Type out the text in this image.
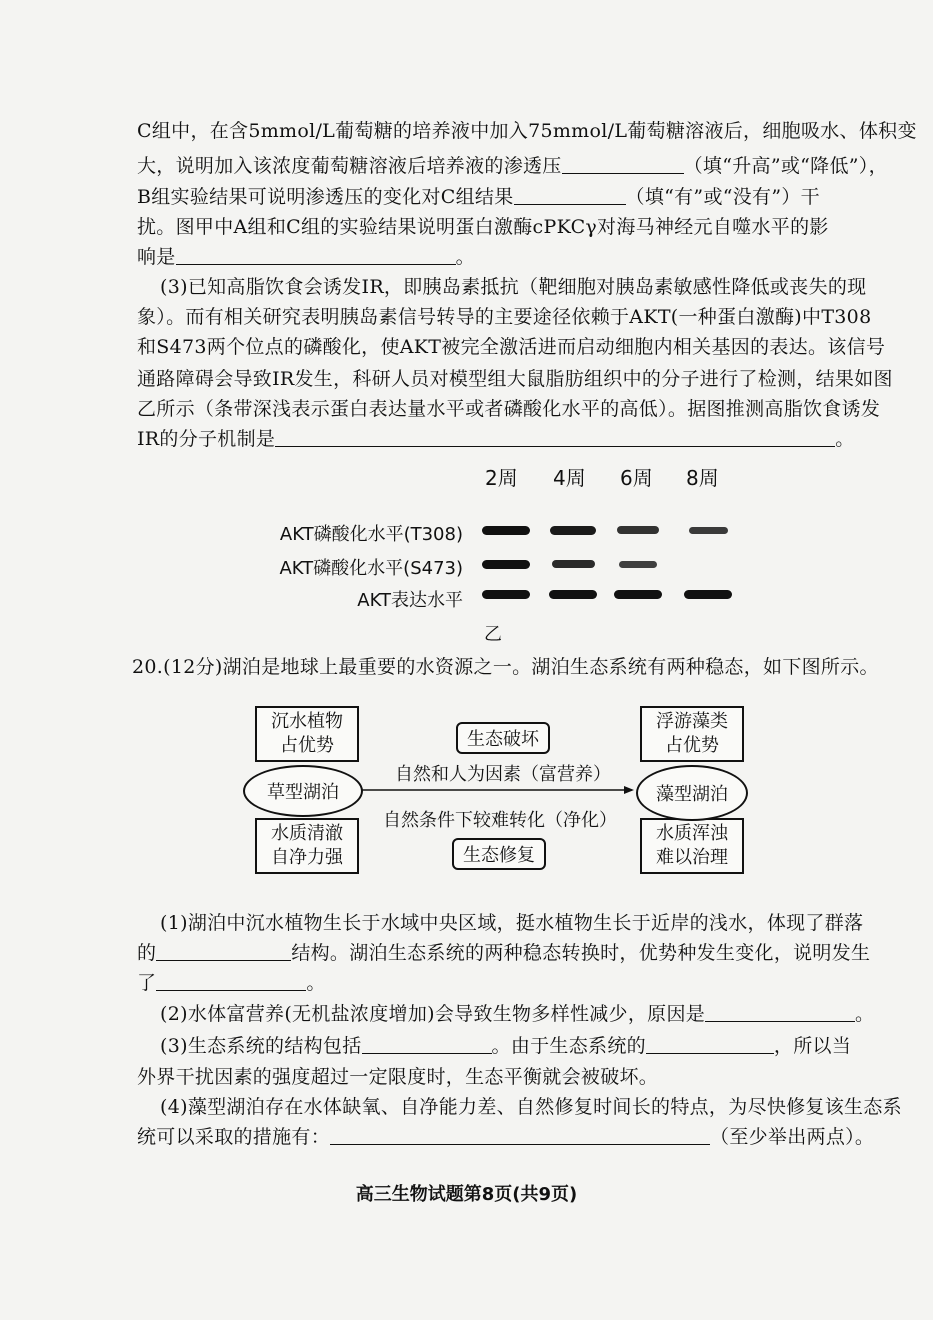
C组中，在含5mmol/L葡萄糖的培养液中加入75mmol/L葡萄糖溶液后，细胞吸水、体积变
大，说明加入该浓度葡萄糖溶液后培养液的渗透压	（填“升高”或“降低”），
B组实验结果可说明渗透压的变化对C组结果	（填“有”或“没有”）干
扰。图甲中A组和C组的实验结果说明蛋白激酶cPKCγ对海马神经元自噬水平的影
响是	。
(3)已知高脂饮食会诱发IR，即胰岛素抵抗（靶细胞对胰岛素敏感性降低或丧失的现
象）。而有相关研究表明胰岛素信号转导的主要途径依赖于AKT(一种蛋白激酶)中T308
和S473两个位点的磷酸化，使AKT被完全激活进而启动细胞内相关基因的表达。该信号
通路障碍会导致IR发生，科研人员对模型组大鼠脂肪组织中的分子进行了检测，结果如图
乙所示（条带深浅表示蛋白表达量水平或者磷酸化水平的高低）。据图推测高脂饮食诱发
IR的分子机制是	。
2周 4周 6周 8周
AKT磷酸化水平(T308)
AKT磷酸化水平(S473)
AKT表达水平
乙
20.(12分)湖泊是地球上最重要的水资源之一。湖泊生态系统有两种稳态，如下图所示。
沉水植物
占优势
水质清澈
自净力强
草型湖泊
浮游藻类
占优势
水质浑浊
难以治理
藻型湖泊
生态破坏
生态修复
自然和人为因素（富营养）
自然条件下较难转化（净化）
(1)湖泊中沉水植物生长于水域中央区域，挺水植物生长于近岸的浅水，体现了群落
的	结构。湖泊生态系统的两种稳态转换时，优势种发生变化，说明发生
了	。
(2)水体富营养(无机盐浓度增加)会导致生物多样性减少，原因是	。
(3)生态系统的结构包括	。由于生态系统的	，所以当
外界干扰因素的强度超过一定限度时，生态平衡就会被破坏。
(4)藻型湖泊存在水体缺氧、自净能力差、自然修复时间长的特点，为尽快修复该生态系
统可以采取的措施有：	（至少举出两点）。
高三生物试题第8页(共9页)
